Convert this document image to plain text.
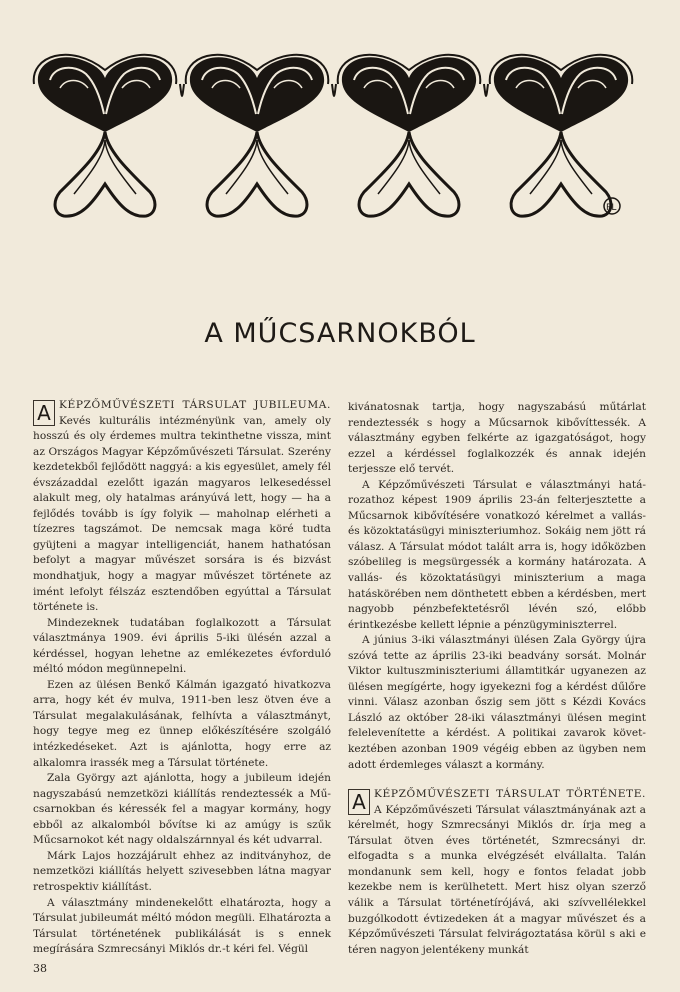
PL
A MŰCSARNOKBÓL

A KÉPZŐMŰVÉSZETI TÁRSULAT JUBILEUMA. Kevés kulturális intézményünk van, amely oly hosszú és oly érdemes multra tekinthetne vissza, mint az Országos Magyar Képzőművészeti Társulat. Szerény kezdetekből fejlődött naggyá: a kis egyesület, amely fél évszázaddal ezelőtt igazán magyaros lelkesedéssel alakult meg, oly hatalmas arányúvá lett, hogy — ha a fejlődés tovább is így folyik — maholnap elérheti a tízezres tagszámot. De nemcsak maga köré tudta gyüjteni a magyar intelligenciát, hanem hathatósan befolyt a magyar művészet sorsára is és bizvást mondhatjuk, hogy a magyar művészet története az imént lefolyt félszáz esztendőben egyúttal a Társulat története is.

Mindezeknek tudatában foglalkozott a Társulat választmánya 1909. évi április 5-iki ülésén azzal a kérdéssel, hogyan lehetne az emlékezetes évforduló méltó módon megünnepelni.

Ezen az ülésen Benkő Kálmán igazgató hivatkozva arra, hogy két év mulva, 1911-ben lesz ötven éve a Társulat megalakulásának, felhívta a választmányt, hogy tegye meg ez ünnep előkészítésére szolgáló intézkedéseket. Azt is ajánlotta, hogy erre az alkalomra irassék meg a Társulat története.

Zala György azt ajánlotta, hogy a jubileum idején nagyszabású nemzetközi kiállítás rendeztessék a Műcsarnokban és kéressék fel a magyar kormány, hogy ebből az alkalomból bővítse ki az amúgy is szűk Műcsarnokot két nagy oldalszárnnyal és két udvarral.

Márk Lajos hozzájárult ehhez az inditványhoz, de nemzetközi kiállítás helyett szivesebben látna magyar retrospektiv kiállítást.

A választmány mindenekelőtt elhatározta, hogy a Társulat jubileumát méltó módon megüli. Elhatározta a Társulat történetének publikálását is s ennek megírására Szmrecsányi Miklós dr.-t kéri fel. Végül

kivánatosnak tartja, hogy nagyszabású műtárlat rendeztessék s hogy a Műcsarnok kibővíttessék. A választmány egyben felkérte az igazgatóságot, hogy ezzel a kérdéssel foglalkozzék és annak idején terjessze elő tervét.

A Képzőművészeti Társulat e választmányi határozathoz képest 1909 április 23-án felterjesztette a Műcsarnok kibővítésére vonatkozó kérelmet a vallás- és közoktatásügyi miniszteriumhoz. Sokáig nem jött rá válasz. A Társulat módot talált arra is, hogy időközben szóbelileg is megsürgessék a kormány határozata. A vallás- és közoktatásügyi miniszterium a maga hatáskörében nem dönthetett ebben a kérdésben, mert nagyobb pénzbefektetésről lévén szó, előbb érintkezésbe kellett lépnie a pénzügyminiszterrel.

A június 3-iki választmányi ülésen Zala György újra szóvá tette az április 23-iki beadvány sorsát. Molnár Viktor kultuszminiszteriumi államtitkár ugyanezen az ülésen megígérte, hogy igyekezni fog a kérdést dűlőre vinni. Válasz azonban őszig sem jött s Kézdi Kovács László az október 28-iki választmányi ülésen megint felelevenítette a kérdést. A politikai zavarok következtében azonban 1909 végéig ebben az ügyben nem adott érdemleges választ a kormány.

A KÉPZŐMŰVÉSZETI TÁRSULAT TÖRTÉNETE. A Képzőművészeti Társulat választmányának azt a kérelmét, hogy Szmrecsányi Miklós dr. írja meg a Társulat ötven éves történetét, Szmrecsányi dr. elfogadta s a munka elvégzését elvállalta. Talán mondanunk sem kell, hogy e fontos feladat jobb kezekbe nem is kerülhetett. Mert hisz olyan szerző válik a Társulat történetírójává, aki szívvellélekkel buzgólkodott évtizedeken át a magyar művészet és a Képzőművészeti Társulat felvirágoztatása körül s aki e téren nagyon jelentékeny munkát

38
